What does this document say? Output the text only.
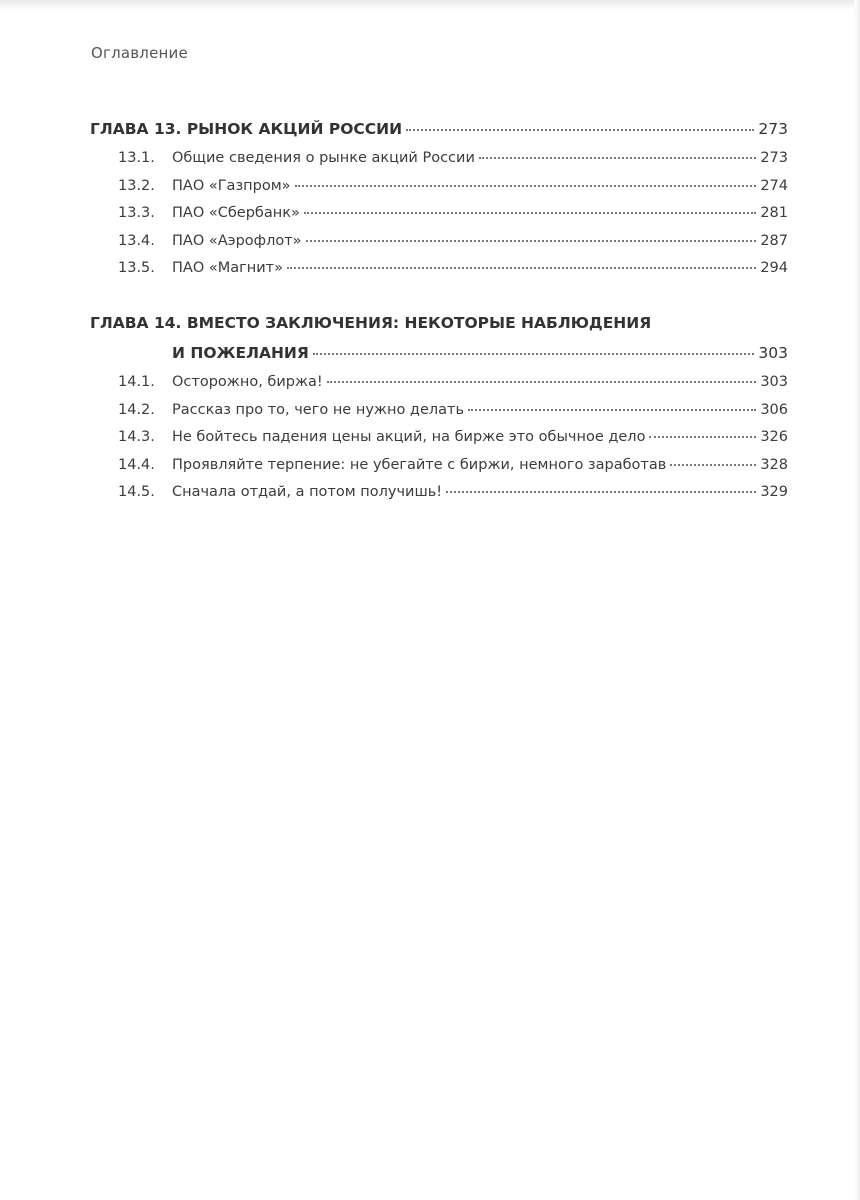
Оглавление
ГЛАВА 13. РЫНОК АКЦИЙ РОССИИ	273
13.1.	Общие сведения о рынке акций России	273
13.2.	ПАО «Газпром»	274
13.3.	ПАО «Сбербанк»	281
13.4.	ПАО «Аэрофлот»	287
13.5.	ПАО «Магнит»	294
ГЛАВА 14. ВМЕСТО ЗАКЛЮЧЕНИЯ: НЕКОТОРЫЕ НАБЛЮДЕНИЯ
И ПОЖЕЛАНИЯ	303
14.1.	Осторожно, биржа!	303
14.2.	Рассказ про то, чего не нужно делать	306
14.3.	Не бойтесь падения цены акций, на бирже это обычное дело	326
14.4.	Проявляйте терпение: не убегайте с биржи, немного заработав	328
14.5.	Сначала отдай, а потом получишь!	329
